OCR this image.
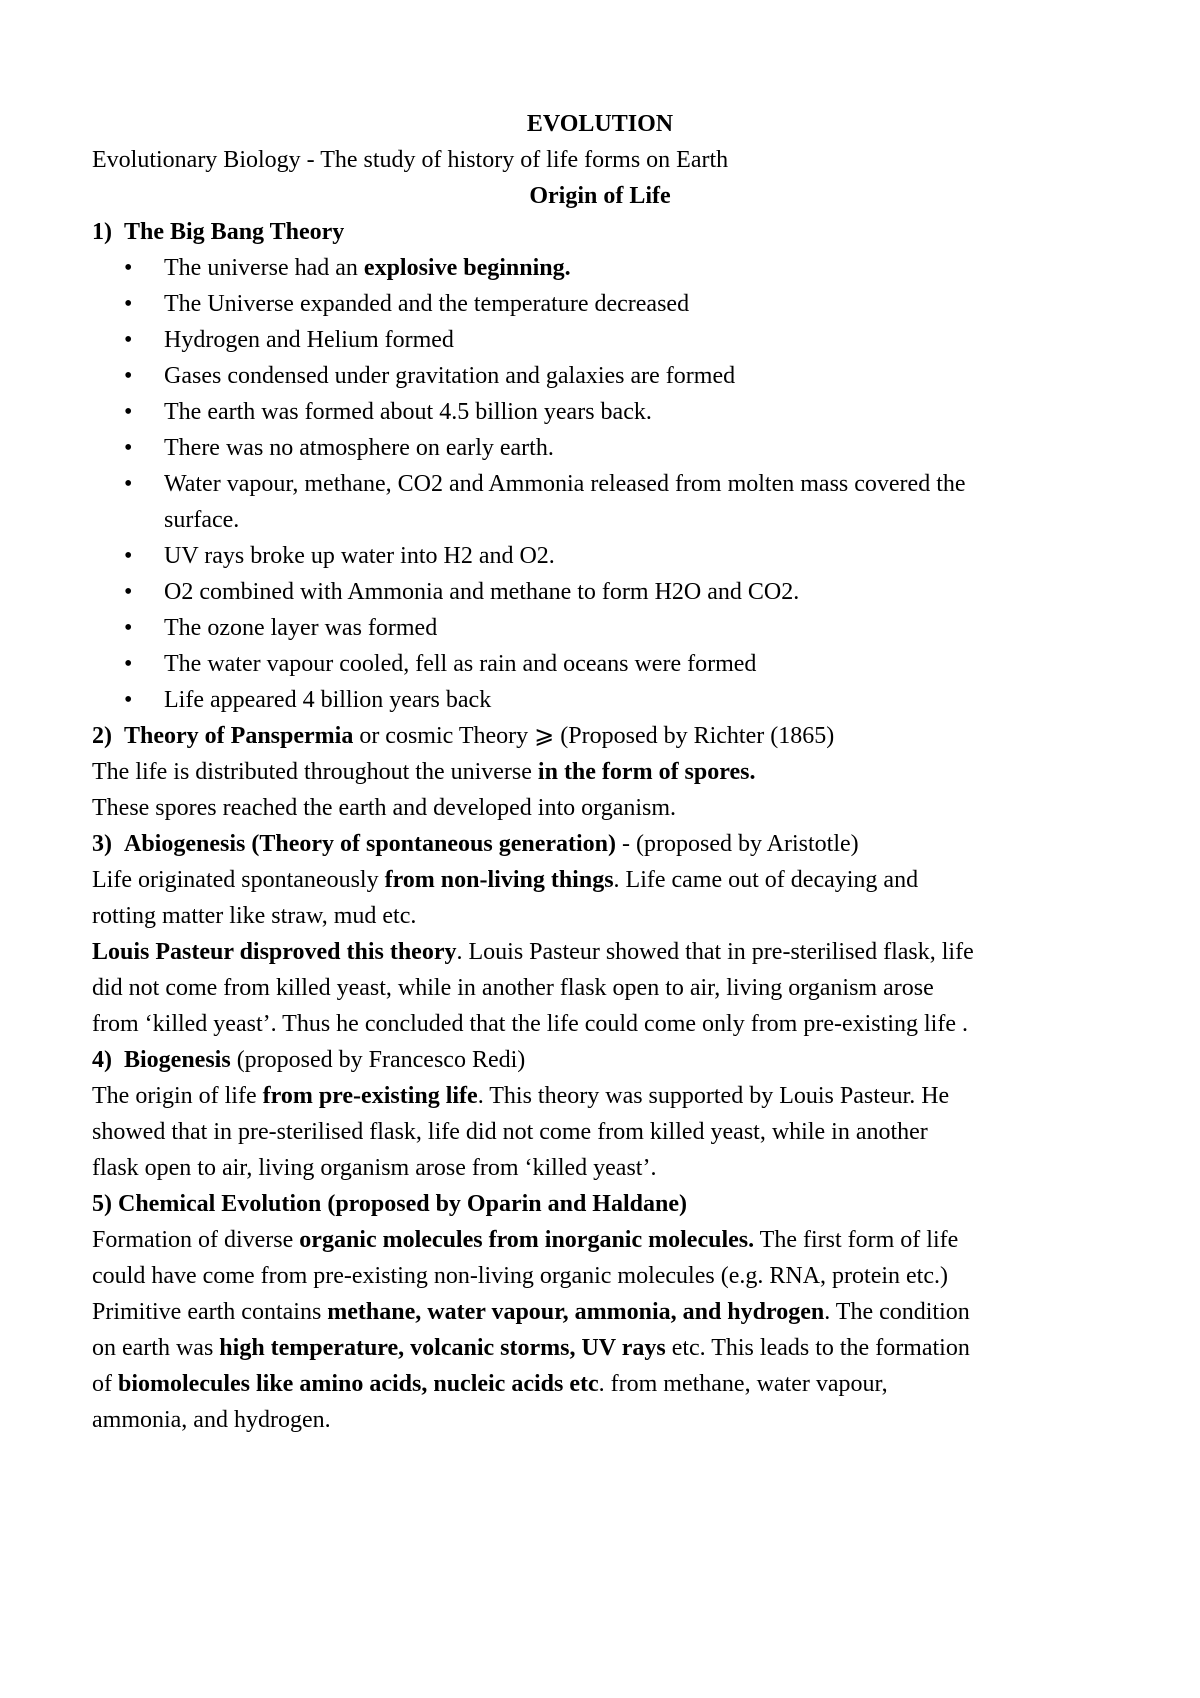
EVOLUTION
Evolutionary Biology - The study of history of life forms on Earth
Origin of Life
1) The Big Bang Theory
• The universe had an explosive beginning.
• The Universe expanded and the temperature decreased
• Hydrogen and Helium formed
• Gases condensed under gravitation and galaxies are formed
• The earth was formed about 4.5 billion years back.
• There was no atmosphere on early earth.
• Water vapour, methane, CO2 and Ammonia released from molten mass covered the
surface.
• UV rays broke up water into H2 and O2.
• O2 combined with Ammonia and methane to form H2O and CO2.
• The ozone layer was formed
• The water vapour cooled, fell as rain and oceans were formed
• Life appeared 4 billion years back
2) Theory of Panspermia or cosmic Theory ⩾ (Proposed by Richter (1865)
The life is distributed throughout the universe in the form of spores.
These spores reached the earth and developed into organism.
3) Abiogenesis (Theory of spontaneous generation) - (proposed by Aristotle)
Life originated spontaneously from non-living things. Life came out of decaying and
rotting matter like straw, mud etc.
Louis Pasteur disproved this theory. Louis Pasteur showed that in pre-sterilised flask, life
did not come from killed yeast, while in another flask open to air, living organism arose
from ‘killed yeast’. Thus he concluded that the life could come only from pre-existing life .
4) Biogenesis (proposed by Francesco Redi)
The origin of life from pre-existing life. This theory was supported by Louis Pasteur. He
showed that in pre-sterilised flask, life did not come from killed yeast, while in another
flask open to air, living organism arose from ‘killed yeast’.
5) Chemical Evolution (proposed by Oparin and Haldane)
Formation of diverse organic molecules from inorganic molecules. The first form of life
could have come from pre-existing non-living organic molecules (e.g. RNA, protein etc.)
Primitive earth contains methane, water vapour, ammonia, and hydrogen. The condition
on earth was high temperature, volcanic storms, UV rays etc. This leads to the formation
of biomolecules like amino acids, nucleic acids etc. from methane, water vapour,
ammonia, and hydrogen.
